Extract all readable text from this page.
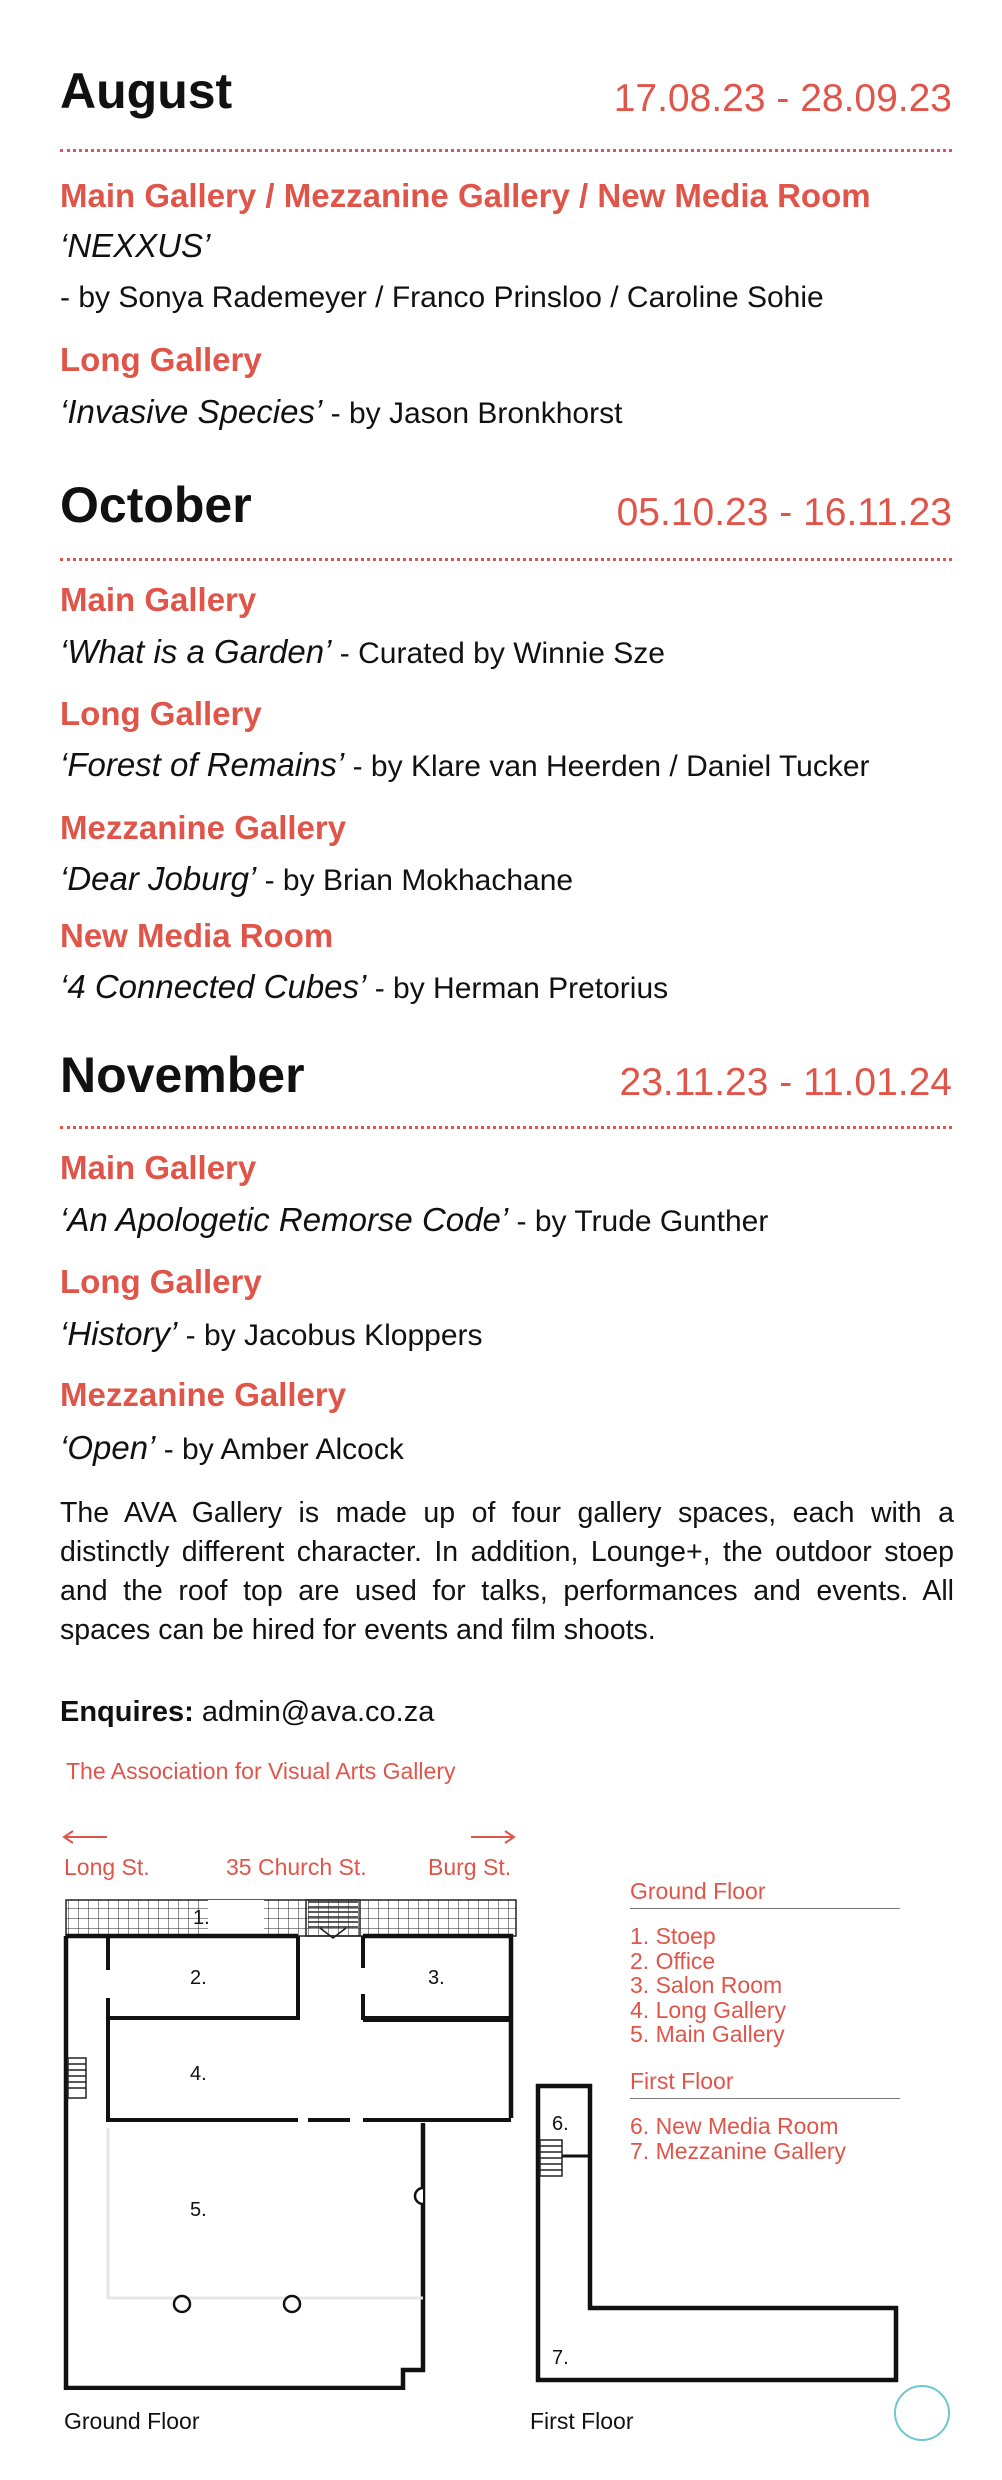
August	17.08.23 - 28.09.23
Main Gallery / Mezzanine Gallery / New Media Room
‘NEXXUS’
- by Sonya Rademeyer / Franco Prinsloo / Caroline Sohie
Long Gallery
‘Invasive Species’ - by Jason Bronkhorst
October	05.10.23 - 16.11.23
Main Gallery
‘What is a Garden’ - Curated by Winnie Sze
Long Gallery
‘Forest of Remains’ - by Klare van Heerden / Daniel Tucker
Mezzanine Gallery
‘Dear Joburg’ - by Brian Mokhachane
New Media Room
‘4 Connected Cubes’ - by Herman Pretorius
November	23.11.23 - 11.01.24
Main Gallery
‘An Apologetic Remorse Code’ - by Trude Gunther
Long Gallery
‘History’ - by Jacobus Kloppers
Mezzanine Gallery
‘Open’ - by Amber Alcock
The AVA Gallery is made up of four gallery spaces, each with a distinctly different character. In addition, Lounge+, the outdoor stoep and the roof top are used for talks, performances and events. All spaces can be hired for events and film shoots.
Enquires: admin@ava.co.za
The Association for Visual Arts Gallery
Long St.	35 Church St.	Burg St.
1.
2.	3.
4.
5.
6.
7.
Ground Floor
1. Stoep
2. Office
3. Salon Room
4. Long Gallery
5. Main Gallery
First Floor
6. New Media Room
7. Mezzanine Gallery
Ground Floor	First Floor
